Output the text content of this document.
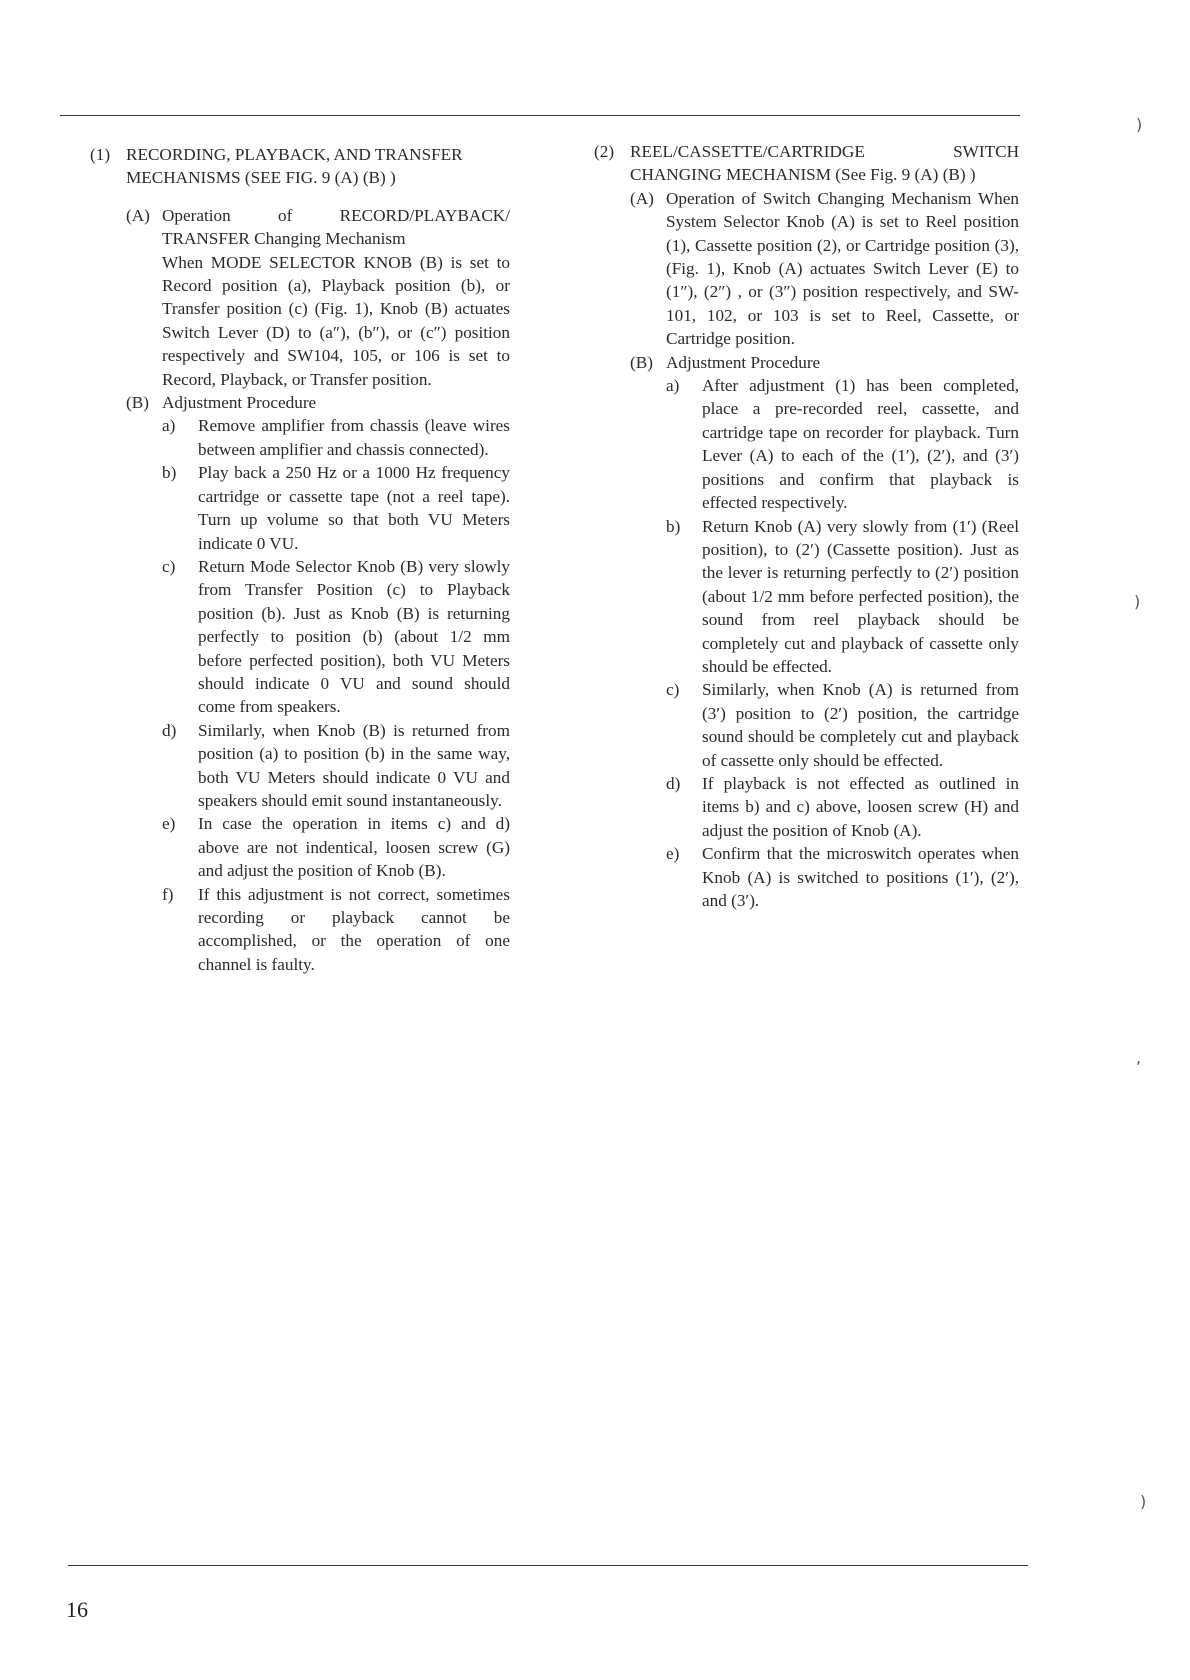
(1) RECORDING, PLAYBACK, AND TRANSFER MECHANISMS (SEE FIG. 9 (A) (B) )
(A) Operation of RECORD/PLAYBACK/ TRANSFER Changing Mechanism
When MODE SELECTOR KNOB (B) is set to Record position (a), Playback position (b), or Transfer position (c) (Fig. 1), Knob (B) actuates Switch Lever (D) to (a″), (b″), or (c″) position respectively and SW104, 105, or 106 is set to Record, Playback, or Transfer position.
(B) Adjustment Procedure
a)	Remove amplifier from chassis (leave wires between amplifier and chassis connected).
b)	Play back a 250 Hz or a 1000 Hz frequency cartridge or cassette tape (not a reel tape). Turn up volume so that both VU Meters indicate 0 VU.
c)	Return Mode Selector Knob (B) very slowly from Transfer Position (c) to Playback position (b). Just as Knob (B) is returning perfectly to position (b) (about 1/2 mm before perfected position), both VU Meters should indicate 0 VU and sound should come from speakers.
d)	Similarly, when Knob (B) is returned from position (a) to position (b) in the same way, both VU Meters should indicate 0 VU and speakers should emit sound instantaneously.
e)	In case the operation in items c) and d) above are not indentical, loosen screw (G) and adjust the position of Knob (B).
f)	If this adjustment is not correct, sometimes recording or playback cannot be accomplished, or the operation of one channel is faulty.
(2) REEL/CASSETTE/CARTRIDGE SWITCH CHANGING MECHANISM (See Fig. 9 (A) (B) )
(A) Operation of Switch Changing Mechanism When System Selector Knob (A) is set to Reel position (1), Cassette position (2), or Cartridge position (3), (Fig. 1), Knob (A) actuates Switch Lever (E) to (1″), (2″) , or (3″) position respectively, and SW-101, 102, or 103 is set to Reel, Cassette, or Cartridge position.
(B) Adjustment Procedure
a)	After adjustment (1) has been completed, place a pre-recorded reel, cassette, and cartridge tape on recorder for playback. Turn Lever (A) to each of the (1′), (2′), and (3′) positions and confirm that playback is effected respectively.
b)	Return Knob (A) very slowly from (1′) (Reel position), to (2′) (Cassette position). Just as the lever is returning perfectly to (2′) position (about 1/2 mm before perfected position), the sound from reel playback should be completely cut and playback of cassette only should be effected.
c)	Similarly, when Knob (A) is returned from (3′) position to (2′) position, the cartridge sound should be completely cut and playback of cassette only should be effected.
d)	If playback is not effected as outlined in items b) and c) above, loosen screw (H) and adjust the position of Knob (A).
e)	Confirm that the microswitch operates when Knob (A) is switched to positions (1′), (2′), and (3′).
)
)
,
)
16
